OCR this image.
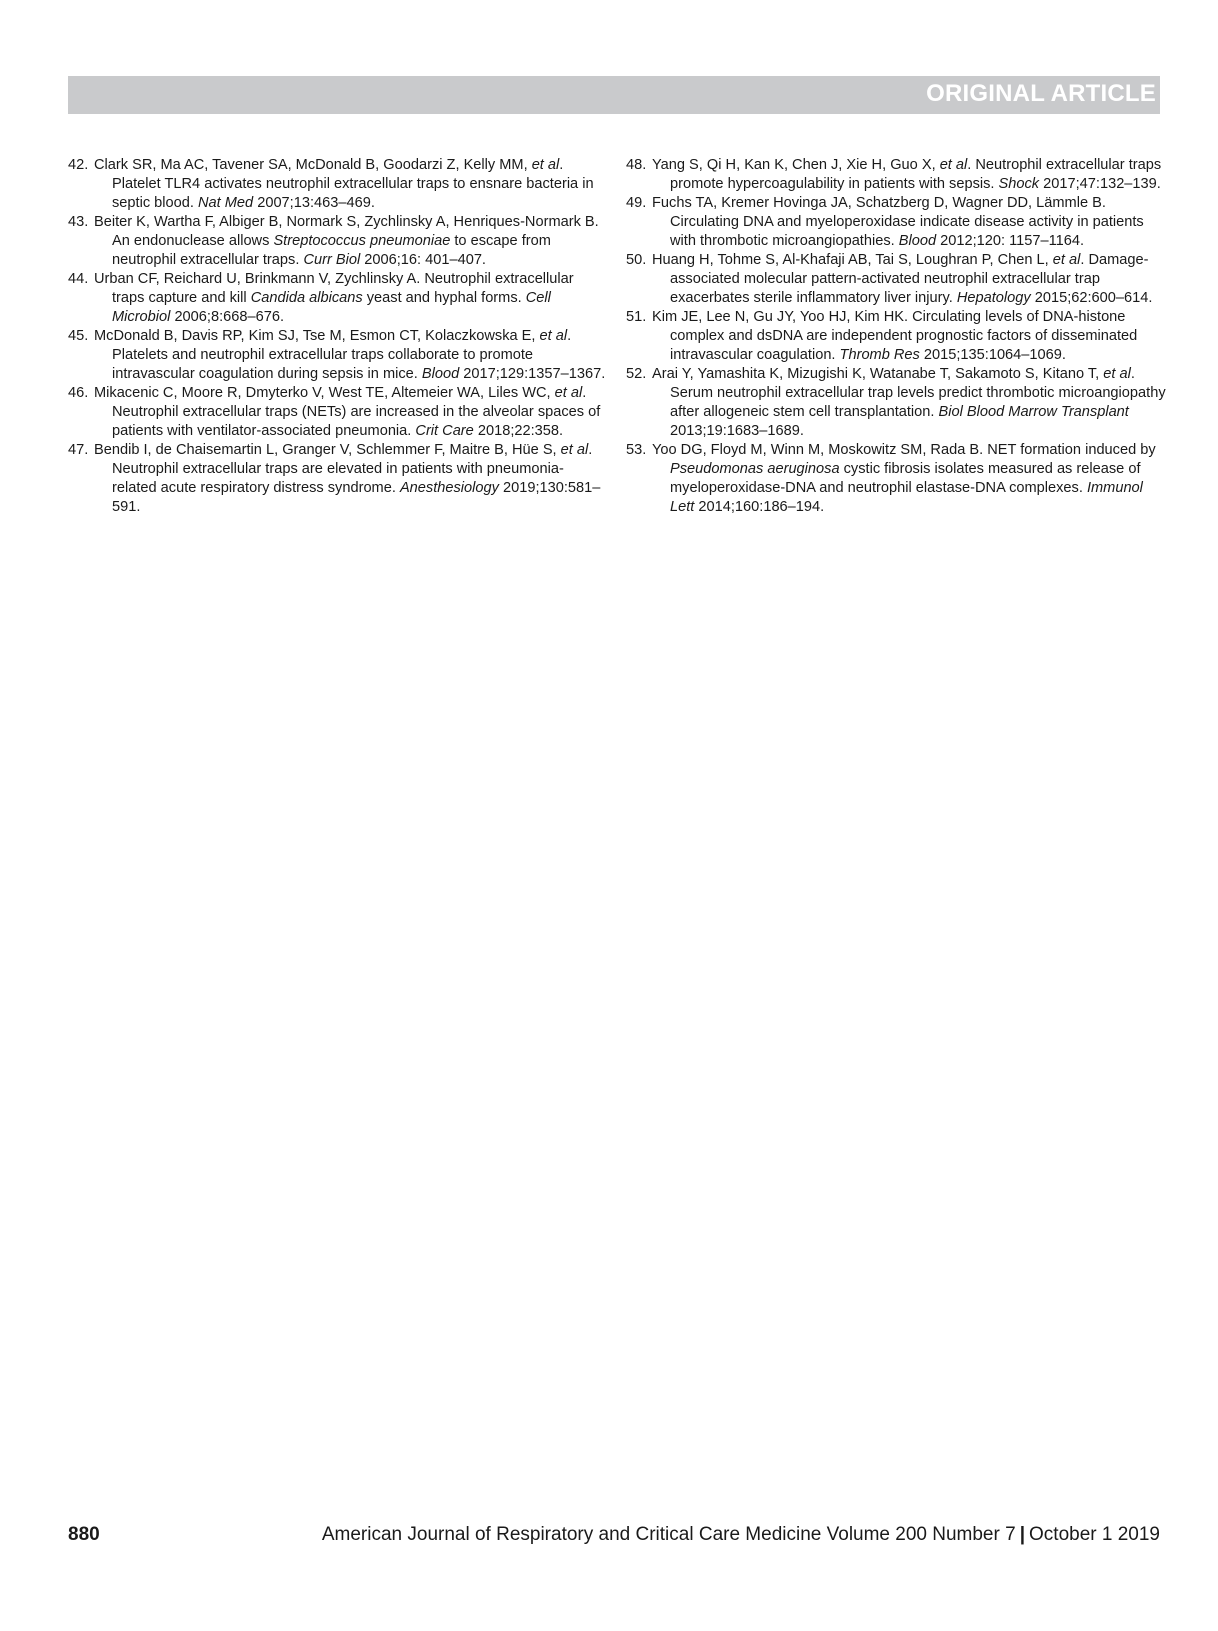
ORIGINAL ARTICLE

42. Clark SR, Ma AC, Tavener SA, McDonald B, Goodarzi Z, Kelly MM, et al. Platelet TLR4 activates neutrophil extracellular traps to ensnare bacteria in septic blood. Nat Med 2007;13:463–469.

43. Beiter K, Wartha F, Albiger B, Normark S, Zychlinsky A, Henriques-Normark B. An endonuclease allows Streptococcus pneumoniae to escape from neutrophil extracellular traps. Curr Biol 2006;16: 401–407.

44. Urban CF, Reichard U, Brinkmann V, Zychlinsky A. Neutrophil extracellular traps capture and kill Candida albicans yeast and hyphal forms. Cell Microbiol 2006;8:668–676.

45. McDonald B, Davis RP, Kim SJ, Tse M, Esmon CT, Kolaczkowska E, et al. Platelets and neutrophil extracellular traps collaborate to promote intravascular coagulation during sepsis in mice. Blood 2017;129:1357–1367.

46. Mikacenic C, Moore R, Dmyterko V, West TE, Altemeier WA, Liles WC, et al. Neutrophil extracellular traps (NETs) are increased in the alveolar spaces of patients with ventilator-associated pneumonia. Crit Care 2018;22:358.

47. Bendib I, de Chaisemartin L, Granger V, Schlemmer F, Maitre B, Hüe S, et al. Neutrophil extracellular traps are elevated in patients with pneumonia-related acute respiratory distress syndrome. Anesthesiology 2019;130:581–591.

48. Yang S, Qi H, Kan K, Chen J, Xie H, Guo X, et al. Neutrophil extracellular traps promote hypercoagulability in patients with sepsis. Shock 2017;47:132–139.

49. Fuchs TA, Kremer Hovinga JA, Schatzberg D, Wagner DD, Lämmle B. Circulating DNA and myeloperoxidase indicate disease activity in patients with thrombotic microangiopathies. Blood 2012;120: 1157–1164.

50. Huang H, Tohme S, Al-Khafaji AB, Tai S, Loughran P, Chen L, et al. Damage-associated molecular pattern-activated neutrophil extracellular trap exacerbates sterile inflammatory liver injury. Hepatology 2015;62:600–614.

51. Kim JE, Lee N, Gu JY, Yoo HJ, Kim HK. Circulating levels of DNA-histone complex and dsDNA are independent prognostic factors of disseminated intravascular coagulation. Thromb Res 2015;135:1064–1069.

52. Arai Y, Yamashita K, Mizugishi K, Watanabe T, Sakamoto S, Kitano T, et al. Serum neutrophil extracellular trap levels predict thrombotic microangiopathy after allogeneic stem cell transplantation. Biol Blood Marrow Transplant 2013;19:1683–1689.

53. Yoo DG, Floyd M, Winn M, Moskowitz SM, Rada B. NET formation induced by Pseudomonas aeruginosa cystic fibrosis isolates measured as release of myeloperoxidase-DNA and neutrophil elastase-DNA complexes. Immunol Lett 2014;160:186–194.

880	American Journal of Respiratory and Critical Care Medicine Volume 200 Number 7 | October 1 2019
